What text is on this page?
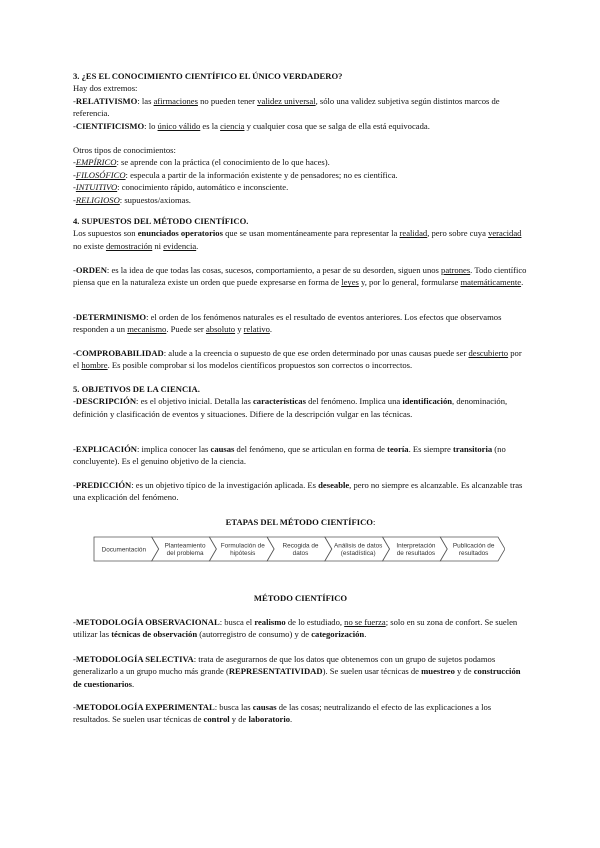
3. ¿ES EL CONOCIMIENTO CIENTÍFICO EL ÚNICO VERDADERO?

Hay dos extremos:

-RELATIVISMO: las afirmaciones no pueden tener validez universal, sólo una validez subjetiva según distintos marcos de referencia.

-CIENTIFICISMO: lo único válido es la ciencia y cualquier cosa que se salga de ella está equivocada.

Otros tipos de conocimientos:

-EMPÍRICO: se aprende con la práctica (el conocimiento de lo que haces).

-FILOSÓFICO: especula a partir de la información existente y de pensadores; no es científica.

-INTUITIVO: conocimiento rápido, automático e inconsciente.

-RELIGIOSO: supuestos/axiomas.

4. SUPUESTOS DEL MÉTODO CIENTÍFICO.

Los supuestos son enunciados operatorios que se usan momentáneamente para representar la realidad, pero sobre cuya veracidad no existe demostración ni evidencia.

-ORDEN: es la idea de que todas las cosas, sucesos, comportamiento, a pesar de su desorden, siguen unos patrones. Todo científico piensa que en la naturaleza existe un orden que puede expresarse en forma de leyes y, por lo general, formularse matemáticamente.

-DETERMINISMO: el orden de los fenómenos naturales es el resultado de eventos anteriores. Los efectos que observamos responden a un mecanismo. Puede ser absoluto y relativo.

-COMPROBABILIDAD: alude a la creencia o supuesto de que ese orden determinado por unas causas puede ser descubierto por el hombre. Es posible comprobar si los modelos científicos propuestos son correctos o incorrectos.

5. OBJETIVOS DE LA CIENCIA.

-DESCRIPCIÓN: es el objetivo inicial. Detalla las características del fenómeno. Implica una identificación, denominación, definición y clasificación de eventos y situaciones. Difiere de la descripción vulgar en las técnicas.

-EXPLICACIÓN: implica conocer las causas del fenómeno, que se articulan en forma de teoría. Es siempre transitoria (no concluyente). Es el genuino objetivo de la ciencia.

-PREDICCIÓN: es un objetivo típico de la investigación aplicada. Es deseable, pero no siempre es alcanzable. Es alcanzable tras una explicación del fenómeno.

ETAPAS DEL MÉTODO CIENTÍFICO:

Documentación
Planteamiento
del problema
Formulación de
hipótesis
Recogida de
datos
Análisis de datos
(estadística)
Interpretación
de resultados
Publicación de
resultados

MÉTODO CIENTÍFICO

-METODOLOGÍA OBSERVACIONAL: busca el realismo de lo estudiado, no se fuerza; solo en su zona de confort. Se suelen utilizar las técnicas de observación (autorregistro de consumo) y de categorización.

-METODOLOGÍA SELECTIVA: trata de asegurarnos de que los datos que obtenemos con un grupo de sujetos podamos generalizarlo a un grupo mucho más grande (REPRESENTATIVIDAD). Se suelen usar técnicas de muestreo y de construcción de cuestionarios.

-METODOLOGÍA EXPERIMENTAL: busca las causas de las cosas; neutralizando el efecto de las explicaciones a los resultados. Se suelen usar técnicas de control y de laboratorio.
